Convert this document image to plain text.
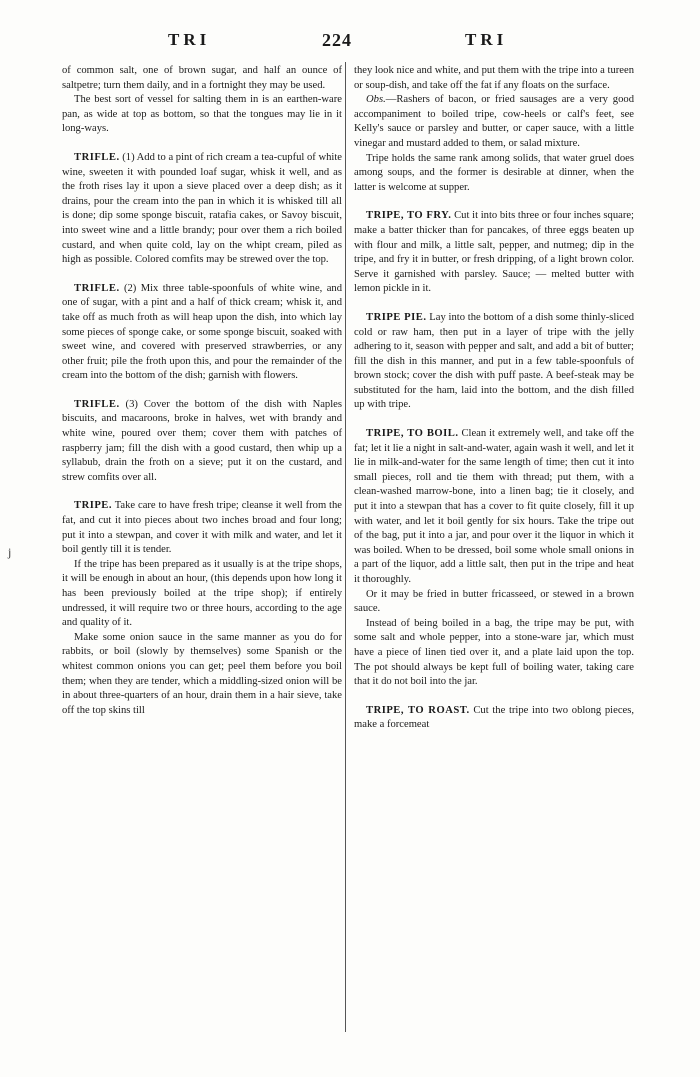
TRI	224	TRI
j

of common salt, one of brown sugar, and half an ounce of saltpetre; turn them daily, and in a fortnight they may be used.

The best sort of vessel for salting them in is an earthen-ware pan, as wide at top as bottom, so that the tongues may lie in it long-ways.

TRIFLE. (1) Add to a pint of rich cream a tea-cupful of white wine, sweeten it with pounded loaf sugar, whisk it well, and as the froth rises lay it upon a sieve placed over a deep dish; as it drains, pour the cream into the pan in which it is whisked till all is done; dip some sponge biscuit, ratafia cakes, or Savoy biscuit, into sweet wine and a little brandy; pour over them a rich boiled custard, and when quite cold, lay on the whipt cream, piled as high as possible. Colored comfits may be strewed over the top.

TRIFLE. (2) Mix three table-spoonfuls of white wine, and one of sugar, with a pint and a half of thick cream; whisk it, and take off as much froth as will heap upon the dish, into which lay some pieces of sponge cake, or some sponge biscuit, soaked with sweet wine, and covered with preserved strawberries, or any other fruit; pile the froth upon this, and pour the remainder of the cream into the bottom of the dish; garnish with flowers.

TRIFLE. (3) Cover the bottom of the dish with Naples biscuits, and macaroons, broke in halves, wet with brandy and white wine, poured over them; cover them with patches of raspberry jam; fill the dish with a good custard, then whip up a syllabub, drain the froth on a sieve; put it on the custard, and strew comfits over all.

TRIPE. Take care to have fresh tripe; cleanse it well from the fat, and cut it into pieces about two inches broad and four long; put it into a stewpan, and cover it with milk and water, and let it boil gently till it is tender.

If the tripe has been prepared as it usually is at the tripe shops, it will be enough in about an hour, (this depends upon how long it has been previously boiled at the tripe shop); if entirely undressed, it will require two or three hours, according to the age and quality of it.

Make some onion sauce in the same manner as you do for rabbits, or boil (slowly by themselves) some Spanish or the whitest common onions you can get; peel them before you boil them; when they are tender, which a middling-sized onion will be in about three-quarters of an hour, drain them in a hair sieve, take off the top skins till

they look nice and white, and put them with the tripe into a tureen or soup-dish, and take off the fat if any floats on the surface.

Obs.—Rashers of bacon, or fried sausages are a very good accompaniment to boiled tripe, cow-heels or calf's feet, see Kelly's sauce or parsley and butter, or caper sauce, with a little vinegar and mustard added to them, or salad mixture.

Tripe holds the same rank among solids, that water gruel does among soups, and the former is desirable at dinner, when the latter is welcome at supper.

TRIPE, TO FRY. Cut it into bits three or four inches square; make a batter thicker than for pancakes, of three eggs beaten up with flour and milk, a little salt, pepper, and nutmeg; dip in the tripe, and fry it in butter, or fresh dripping, of a light brown color. Serve it garnished with parsley. Sauce; — melted butter with lemon pickle in it.

TRIPE PIE. Lay into the bottom of a dish some thinly-sliced cold or raw ham, then put in a layer of tripe with the jelly adhering to it, season with pepper and salt, and add a bit of butter; fill the dish in this manner, and put in a few table-spoonfuls of brown stock; cover the dish with puff paste. A beef-steak may be substituted for the ham, laid into the bottom, and the dish filled up with tripe.

TRIPE, TO BOIL. Clean it extremely well, and take off the fat; let it lie a night in salt-and-water, again wash it well, and let it lie in milk-and-water for the same length of time; then cut it into small pieces, roll and tie them with thread; put them, with a clean-washed marrow-bone, into a linen bag; tie it closely, and put it into a stewpan that has a cover to fit quite closely, fill it up with water, and let it boil gently for six hours. Take the tripe out of the bag, put it into a jar, and pour over it the liquor in which it was boiled. When to be dressed, boil some whole small onions in a part of the liquor, add a little salt, then put in the tripe and heat it thoroughly.

Or it may be fried in butter fricasseed, or stewed in a brown sauce.

Instead of being boiled in a bag, the tripe may be put, with some salt and whole pepper, into a stone-ware jar, which must have a piece of linen tied over it, and a plate laid upon the top. The pot should always be kept full of boiling water, taking care that it do not boil into the jar.

TRIPE, TO ROAST. Cut the tripe into two oblong pieces, make a forcemeat
